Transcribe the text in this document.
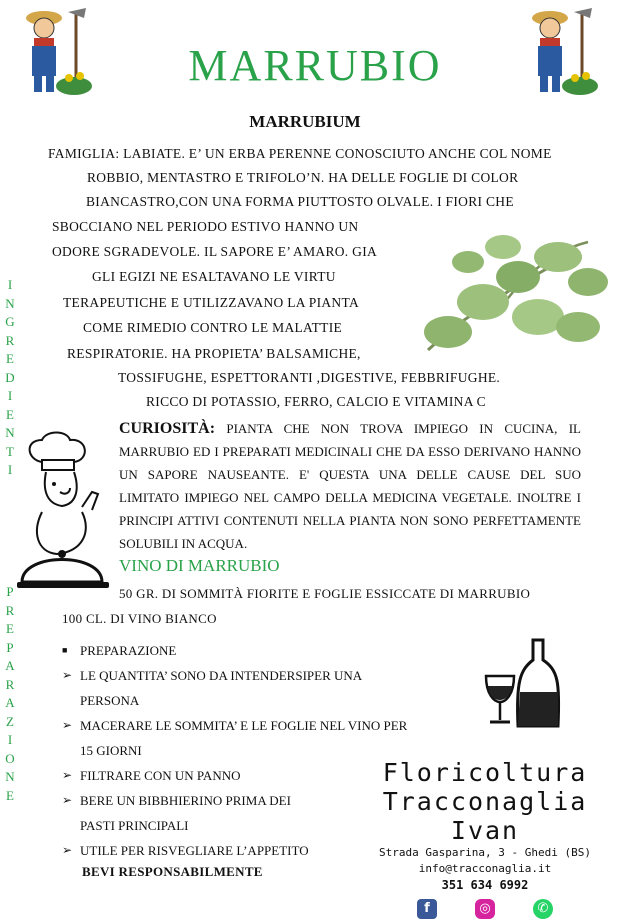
MARRUBIO
MARRUBIUM
FAMIGLIA: LABIATE. E’ UN ERBA PERENNE CONOSCIUTO ANCHE COL NOME
ROBBIO, MENTASTRO E TRIFOLO’N. HA DELLE FOGLIE DI COLOR
BIANCASTRO,CON UNA FORMA PIUTTOSTO OLVALE. I FIORI CHE
SBOCCIANO NEL PERIODO ESTIVO HANNO UN
ODORE SGRADEVOLE. IL SAPORE E’ AMARO. GIA
GLI EGIZI NE ESALTAVANO LE VIRTU
TERAPEUTICHE E UTILIZZAVANO LA PIANTA
COME RIMEDIO CONTRO LE MALATTIE
RESPIRATORIE. HA PROPIETA’ BALSAMICHE,
TOSSIFUGHE, ESPETTORANTI ,DIGESTIVE, FEBBRIFUGHE.
RICCO DI POTASSIO, FERRO, CALCIO E VITAMINA C
INGREDIENTI
PREPARAZIONE
CURIOSITÀ: PIANTA CHE NON TROVA IMPIEGO IN CUCINA, IL MARRUBIO ED I PREPARATI MEDICINALI CHE DA ESSO DERIVANO HANNO UN SAPORE NAUSEANTE. E' QUESTA UNA DELLE CAUSE DEL SUO LIMITATO IMPIEGO NEL CAMPO DELLA MEDICINA VEGETALE. INOLTRE I PRINCIPI ATTIVI CONTENUTI NELLA PIANTA NON SONO PERFETTAMENTE SOLUBILI IN ACQUA.
VINO DI MARRUBIO
50 GR. DI SOMMITÀ FIORITE E FOGLIE ESSICCATE DI MARRUBIO
100 CL. DI VINO BIANCO
■ PREPARAZIONE
➢ LE QUANTITA’ SONO DA INTENDERSIPER UNA
PERSONA
➢ MACERARE LE SOMMITA’ E LE FOGLIE NEL VINO PER
15 GIORNI
➢ FILTRARE CON UN PANNO
➢ BERE UN BIBBHIERINO PRIMA DEI
PASTI PRINCIPALI
➢ UTILE PER RISVEGLIARE L’APPETITO
BEVI RESPONSABILMENTE
Floricoltura
Tracconaglia Ivan
Strada Gasparina, 3 - Ghedi (BS)
info@tracconaglia.it
351 634 6992
f	◎	✆
